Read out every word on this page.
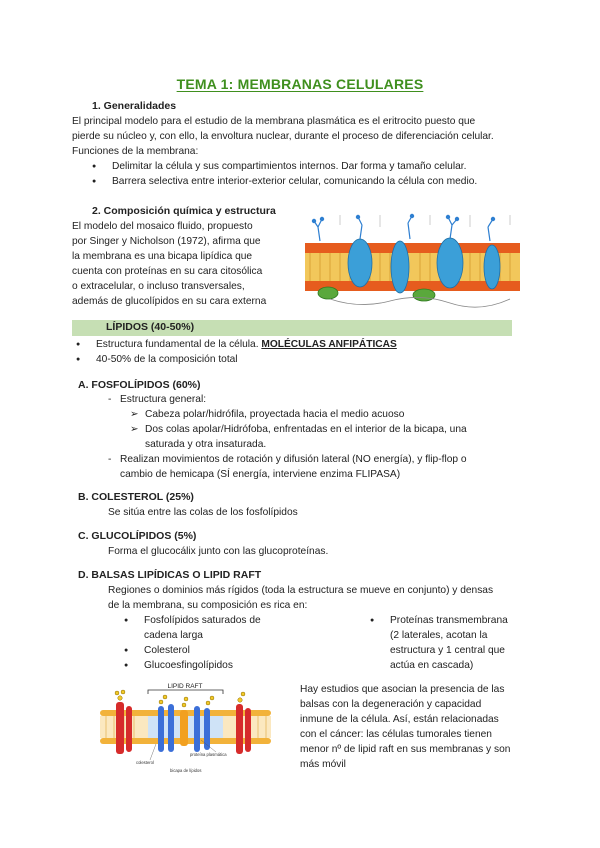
TEMA 1: MEMBRANAS CELULARES
1. Generalidades
El principal modelo para el estudio de la membrana plasmática es el eritrocito puesto que
pierde su núcleo y, con ello, la envoltura nuclear, durante el proceso de diferenciación celular.
Funciones de la membrana:
● Delimitar la célula y sus compartimientos internos. Dar forma y tamaño celular.
● Barrera selectiva entre interior-exterior celular, comunicando la célula con medio.
2. Composición química y estructura
El modelo del mosaico fluido, propuesto
por Singer y Nicholson (1972), afirma que
la membrana es una bicapa lipídica que
cuenta con proteínas en su cara citosólica
o extracelular, o incluso transversales,
además de glucolípidos en su cara externa
LÍPIDOS (40-50%)
● Estructura fundamental de la célula. MOLÉCULAS ANFIPÁTICAS
● 40-50% de la composición total
A. FOSFOLÍPIDOS (60%)
- Estructura general:
➢ Cabeza polar/hidrófila, proyectada hacia el medio acuoso
➢ Dos colas apolar/Hidrófoba, enfrentadas en el interior de la bicapa, una
saturada y otra insaturada.
- Realizan movimientos de rotación y difusión lateral (NO energía), y flip-flop o
cambio de hemicapa (SÍ energía, interviene enzima FLIPASA)
B. COLESTEROL (25%)
Se sitúa entre las colas de los fosfolípidos
C. GLUCOLÍPIDOS (5%)
Forma el glucocálix junto con las glucoproteínas.
D. BALSAS LIPÍDICAS O LIPID RAFT
Regiones o dominios más rígidos (toda la estructura se mueve en conjunto) y densas
de la membrana, su composición es rica en:
● Fosfolípidos saturados de
cadena larga
● Colesterol
● Glucoesfingolípidos
● Proteínas transmembrana
(2 laterales, acotan la
estructura y 1 central que
actúa en cascada)
LIPID RAFT
proteína plasmática
colesterol
bicapa de lípidos
Hay estudios que asocian la presencia de las
balsas con la degeneración y capacidad
inmune de la célula. Así, están relacionadas
con el cáncer: las células tumorales tienen
menor nº de lipid raft en sus membranas y son
más móvil
